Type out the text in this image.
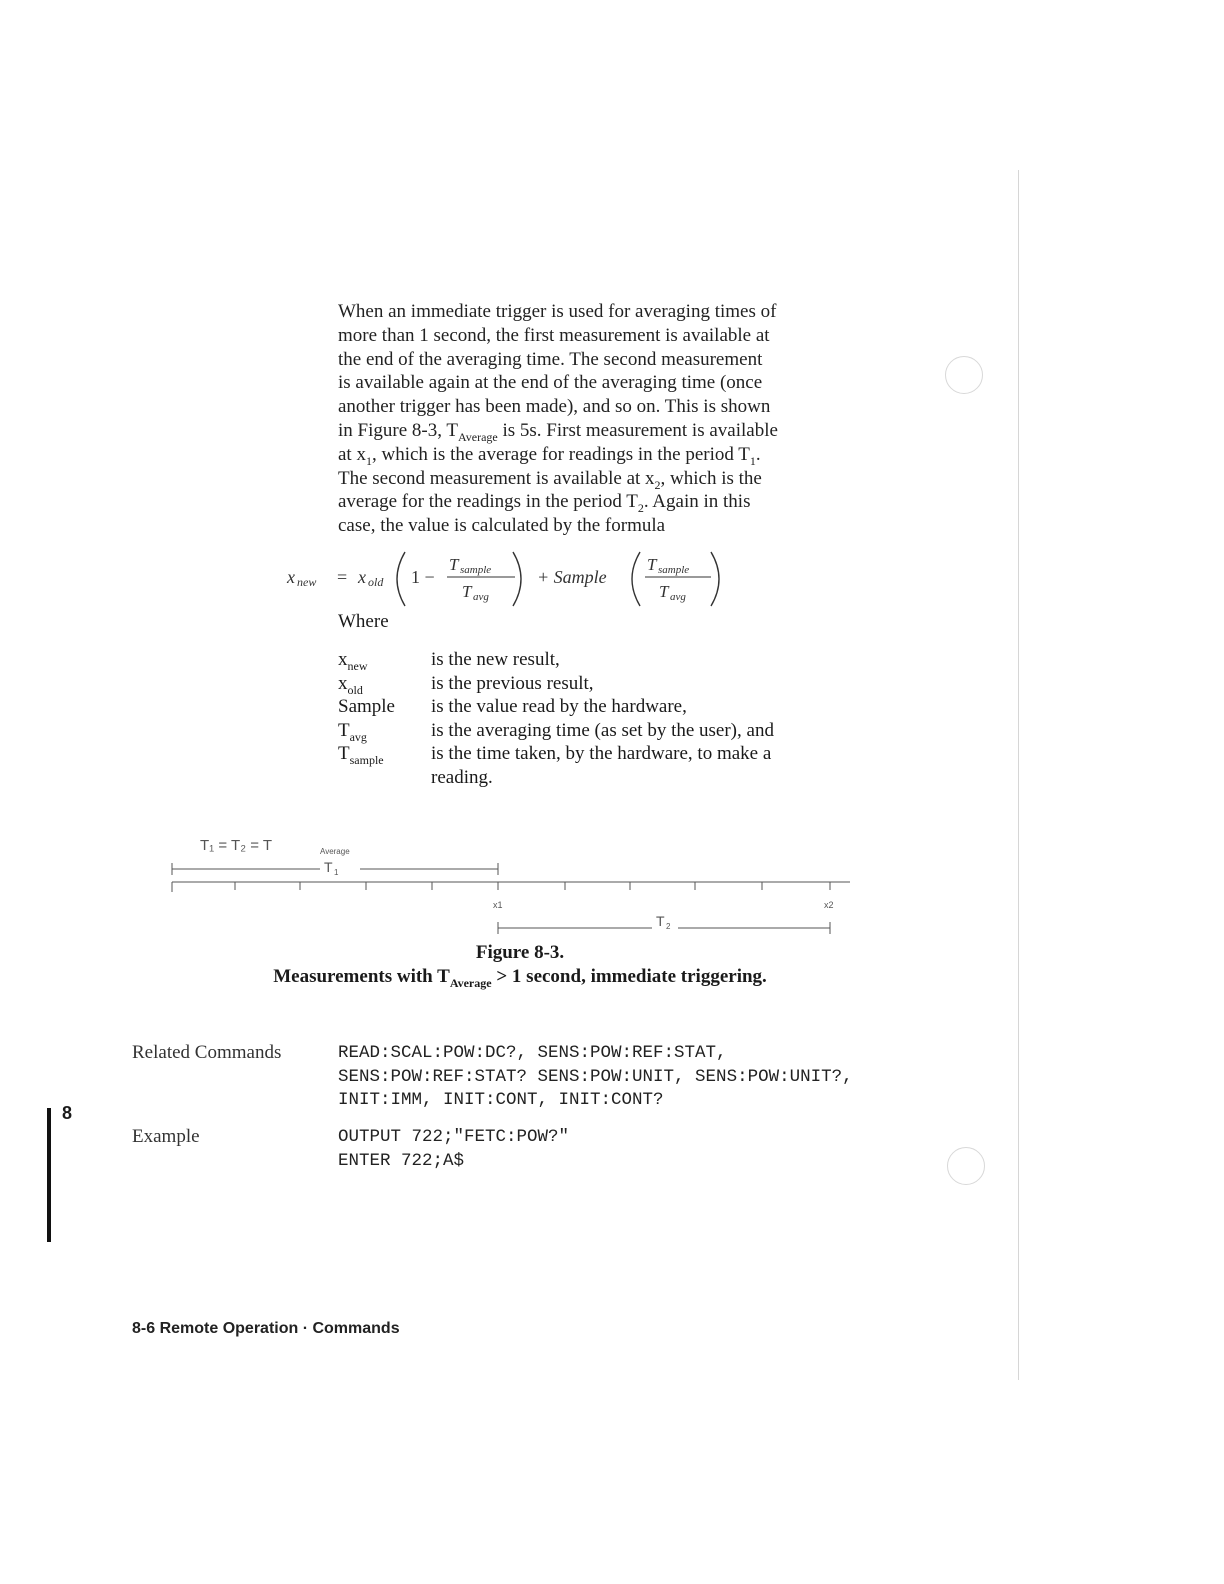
When an immediate trigger is used for averaging times of

more than 1 second, the first measurement is available at

the end of the averaging time. The second measurement

is available again at the end of the averaging time (once

another trigger has been made), and so on. This is shown

in Figure 8-3, $T_{Average}$ is 5s. First measurement is available

at $x_1$, which is the average for readings in the period $T_1$.

The second measurement is available at $x_2$, which is the

average for the readings in the period $T_2$. Again in this

case, the value is calculated by the formula

x new = x old 1 −
T sample
T avg
+ Sample
T sample
T avg
Where
$x_{new}$	is the new result,
$x_{old}$	is the previous result,
Sample	is the value read by the hardware,
$T_{avg}$	is the averaging time (as set by the user), and
$T_{sample}$	is the time taken, by the hardware, to make a
reading.
T₁ = T₂ = T	Average
T 1
T 2
x1	x2
Figure 8-3.
Measurements with $T_{Average} > 1$ second, immediate triggering.
Related Commands	READ:SCAL:POW:DC?, SENS:POW:REF:STAT,
SENS:POW:REF:STAT? SENS:POW:UNIT, SENS:POW:UNIT?,
INIT:IMM, INIT:CONT, INIT:CONT?
Example	OUTPUT 722;"FETC:POW?"
ENTER 722;A$
8
8-6 Remote Operation · Commands
